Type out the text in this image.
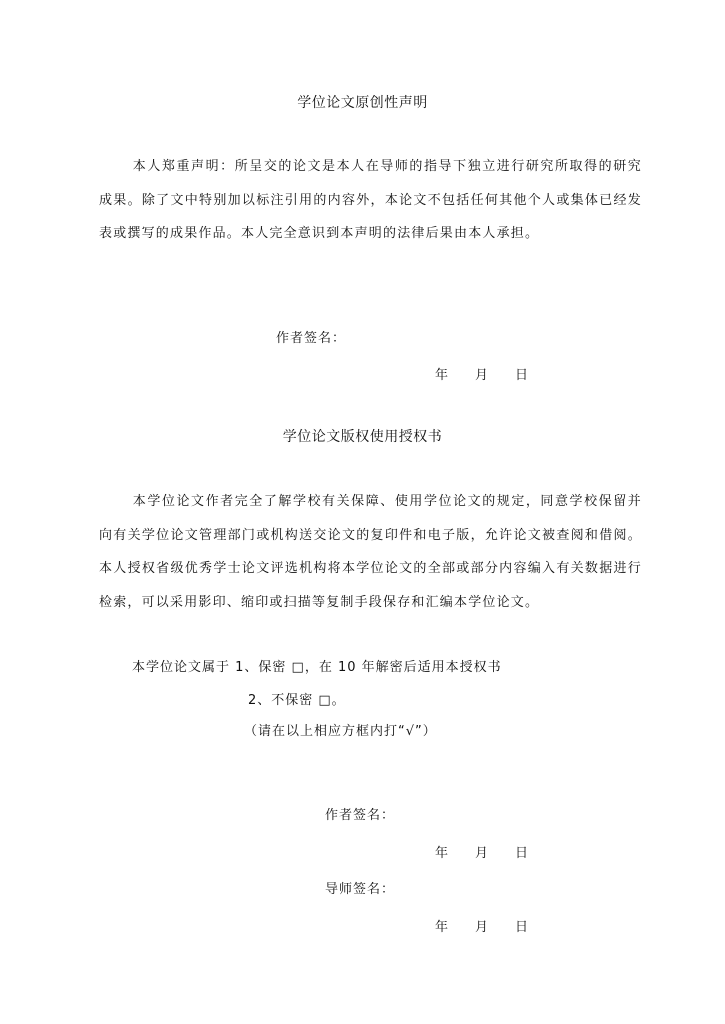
学位论文原创性声明

本人郑重声明：所呈交的论文是本人在导师的指导下独立进行研究所取得的研究成果。除了文中特别加以标注引用的内容外，本论文不包括任何其他个人或集体已经发表或撰写的成果作品。本人完全意识到本声明的法律后果由本人承担。

作者签名：
年 月 日
学位论文版权使用授权书

本学位论文作者完全了解学校有关保障、使用学位论文的规定，同意学校保留并向有关学位论文管理部门或机构送交论文的复印件和电子版，允许论文被查阅和借阅。本人授权省级优秀学士论文评选机构将本学位论文的全部或部分内容编入有关数据进行检索，可以采用影印、缩印或扫描等复制手段保存和汇编本学位论文。

本学位论文属于 1、保密 □，在 10 年解密后适用本授权书
2、不保密 □。
（请在以上相应方框内打“√”）
作者签名：
年 月 日
导师签名：
年 月 日
